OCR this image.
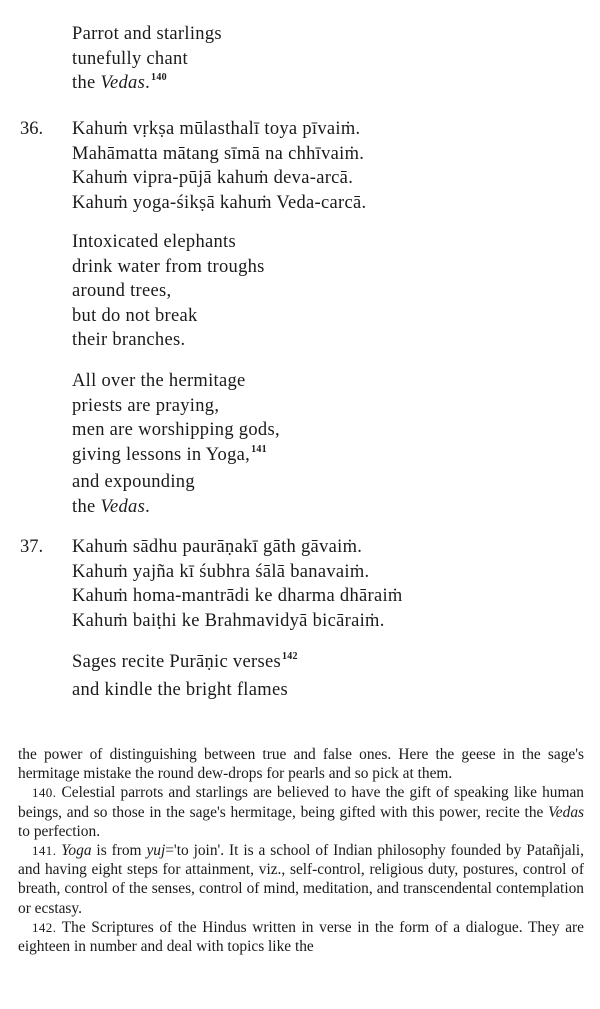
Parrot and starlings
tunefully chant
the Vedas.$^{140}$
36. Kahuṁ vṛkṣa mūlasthalī toya pīvaiṁ.
Mahāmatta mātang sīmā na chhīvaiṁ.
Kahuṁ vipra-pūjā kahuṁ deva-arcā.
Kahuṁ yoga-śikṣā kahuṁ Veda-carcā.
Intoxicated elephants
drink water from troughs
around trees,
but do not break
their branches.
All over the hermitage
priests are praying,
men are worshipping gods,
giving lessons in Yoga,$^{141}$
and expounding
the Vedas.
37. Kahuṁ sādhu paurāṇakī gāth gāvaiṁ.
Kahuṁ yajña kī śubhra śālā banavaiṁ.
Kahuṁ homa-mantrādi ke dharma dhāraiṁ
Kahuṁ baiṭhi ke Brahmavidyā bicāraiṁ.
Sages recite Purāṇic verses$^{142}$
and kindle the bright flames

the power of distinguishing between true and false ones. Here the geese in the sage's hermitage mistake the round dew-drops for pearls and so pick at them.

140. Celestial parrots and starlings are believed to have the gift of speaking like human beings, and so those in the sage's hermitage, being gifted with this power, recite the Vedas to perfection.

141. Yoga is from yuj='to join'. It is a school of Indian philosophy founded by Patañjali, and having eight steps for attainment, viz., self-control, religious duty, postures, control of breath, control of the senses, control of mind, meditation, and transcendental contemplation or ecstasy.

142. The Scriptures of the Hindus written in verse in the form of a dialogue. They are eighteen in number and deal with topics like the
